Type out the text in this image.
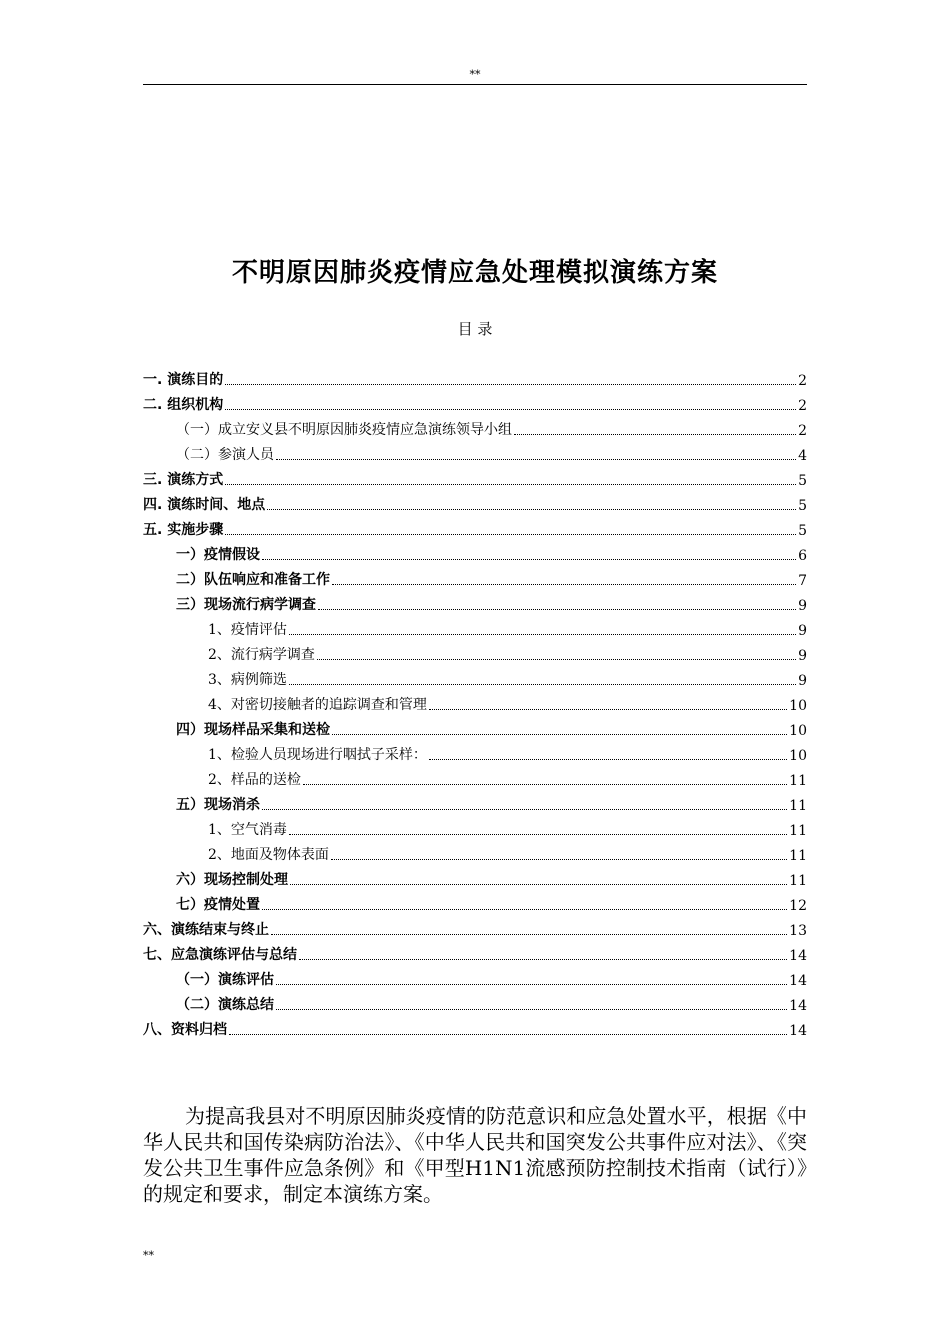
**
不明原因肺炎疫情应急处理模拟演练方案
目 录
一. 演练目的	2
二. 组织机构	2
（一）成立安义县不明原因肺炎疫情应急演练领导小组	2
（二）参演人员	4
三. 演练方式	5
四. 演练时间、地点	5
五. 实施步骤	5
一）疫情假设	6
二）队伍响应和准备工作	7
三）现场流行病学调查	9
1、疫情评估	9
2、流行病学调查	9
3、病例筛选	9
4、对密切接触者的追踪调查和管理	10
四）现场样品采集和送检	10
1、检验人员现场进行咽拭子采样：	10
2、样品的送检	11
五）现场消杀	11
1、空气消毒	11
2、地面及物体表面	11
六）现场控制处理	11
七）疫情处置	12
六、演练结束与终止	13
七、应急演练评估与总结	14
（一）演练评估	14
（二）演练总结	14
八、资料归档	14

为提高我县对不明原因肺炎疫情的防范意识和应急处置水平，根据《中华人民共和国传染病防治法》、《中华人民共和国突发公共事件应对法》、《突发公共卫生事件应急条例》和《甲型H1N1流感预防控制技术指南（试行）》的规定和要求，制定本演练方案。

**
